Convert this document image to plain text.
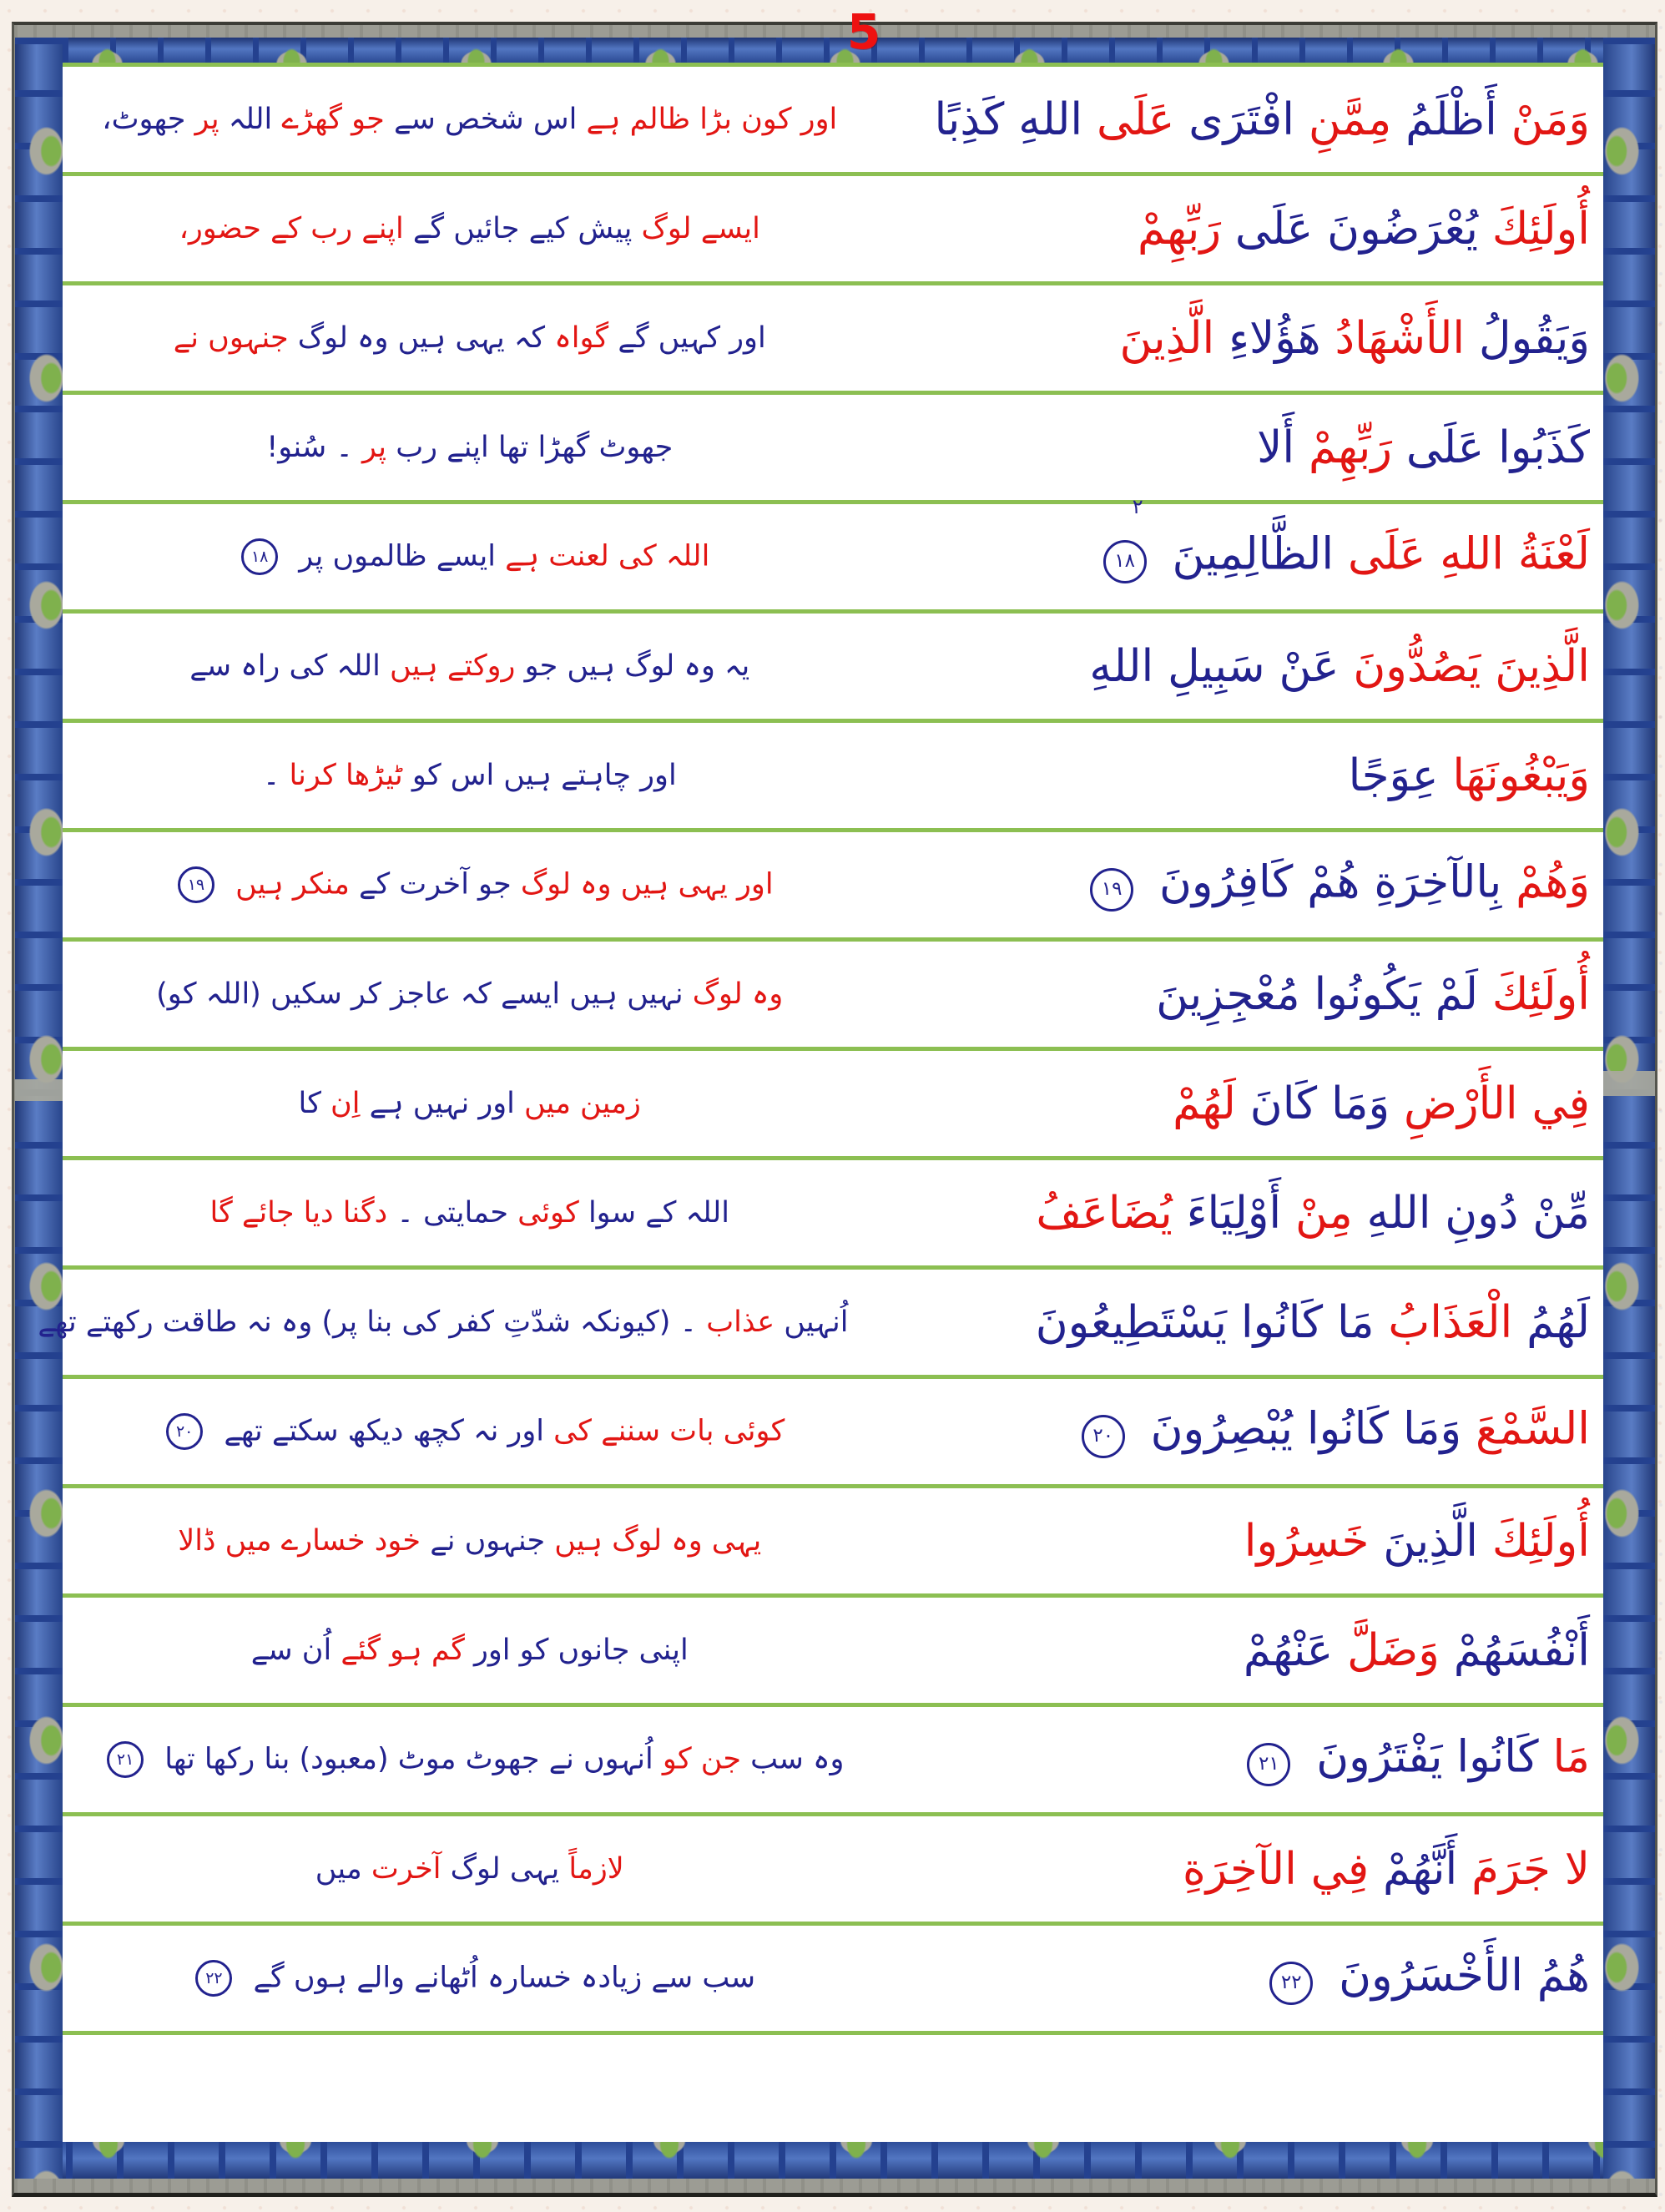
5
وَمَنْ أَظْلَمُ مِمَّنِ افْتَرَى عَلَى اللهِ كَذِبًا
اور کون بڑا ظالم ہے اس شخص سے جو گھڑے اللہ پر جھوٹ،
أُولَئِكَ يُعْرَضُونَ عَلَى رَبِّهِمْ
ایسے لوگ پیش کیے جائیں گے اپنے رب کے حضور،
وَيَقُولُ الأَشْهَادُ هَؤُلاءِ الَّذِينَ
اور کہیں گے گواہ کہ یہی ہیں وہ لوگ جنہوں نے
كَذَبُوا عَلَى رَبِّهِمْ أَلا
جھوٹ گھڑا تھا اپنے رب پر ۔ سُنو!
لَعْنَةُ اللهِ عَلَى الظَّالِمِينَ
۲
۱۸
اللہ کی لعنت ہے ایسے ظالموں پر ۱۸
الَّذِينَ يَصُدُّونَ عَنْ سَبِيلِ اللهِ
یہ وہ لوگ ہیں جو روکتے ہیں اللہ کی راہ سے
وَيَبْغُونَهَا عِوَجًا
اور چاہتے ہیں اس کو ٹیڑھا کرنا ۔
وَهُمْ بِالآخِرَةِ هُمْ كَافِرُونَ ۱۹
اور یہی ہیں وہ لوگ جو آخرت کے منکر ہیں ۱۹
أُولَئِكَ لَمْ يَكُونُوا مُعْجِزِينَ
وہ لوگ نہیں ہیں ایسے کہ عاجز کر سکیں (اللہ کو)
فِي الأَرْضِ وَمَا كَانَ لَهُمْ
زمین میں اور نہیں ہے اِن کا
مِّنْ دُونِ اللهِ مِنْ أَوْلِيَاءَ يُضَاعَفُ
اللہ کے سوا کوئی حمایتی ۔ دگنا دیا جائے گا
لَهُمُ الْعَذَابُ مَا كَانُوا يَسْتَطِيعُونَ
اُنہیں عذاب ۔ (کیونکہ شدّتِ کفر کی بنا پر) وہ نہ طاقت رکھتے تھے
السَّمْعَ وَمَا كَانُوا يُبْصِرُونَ ۲۰
کوئی بات سننے کی اور نہ کچھ دیکھ سکتے تھے ۲۰
أُولَئِكَ الَّذِينَ خَسِرُوا
یہی وہ لوگ ہیں جنہوں نے خود خسارے میں ڈالا
أَنْفُسَهُمْ وَضَلَّ عَنْهُمْ
اپنی جانوں کو اور گم ہو گئے اُن سے
مَا كَانُوا يَفْتَرُونَ ۲۱
وہ سب جن کو اُنہوں نے جھوٹ موٹ (معبود) بنا رکھا تھا ۲۱
لا جَرَمَ أَنَّهُمْ فِي الآخِرَةِ
لازماً یہی لوگ آخرت میں
هُمُ الأَخْسَرُونَ ۲۲
سب سے زیادہ خسارہ اُٹھانے والے ہوں گے ۲۲
